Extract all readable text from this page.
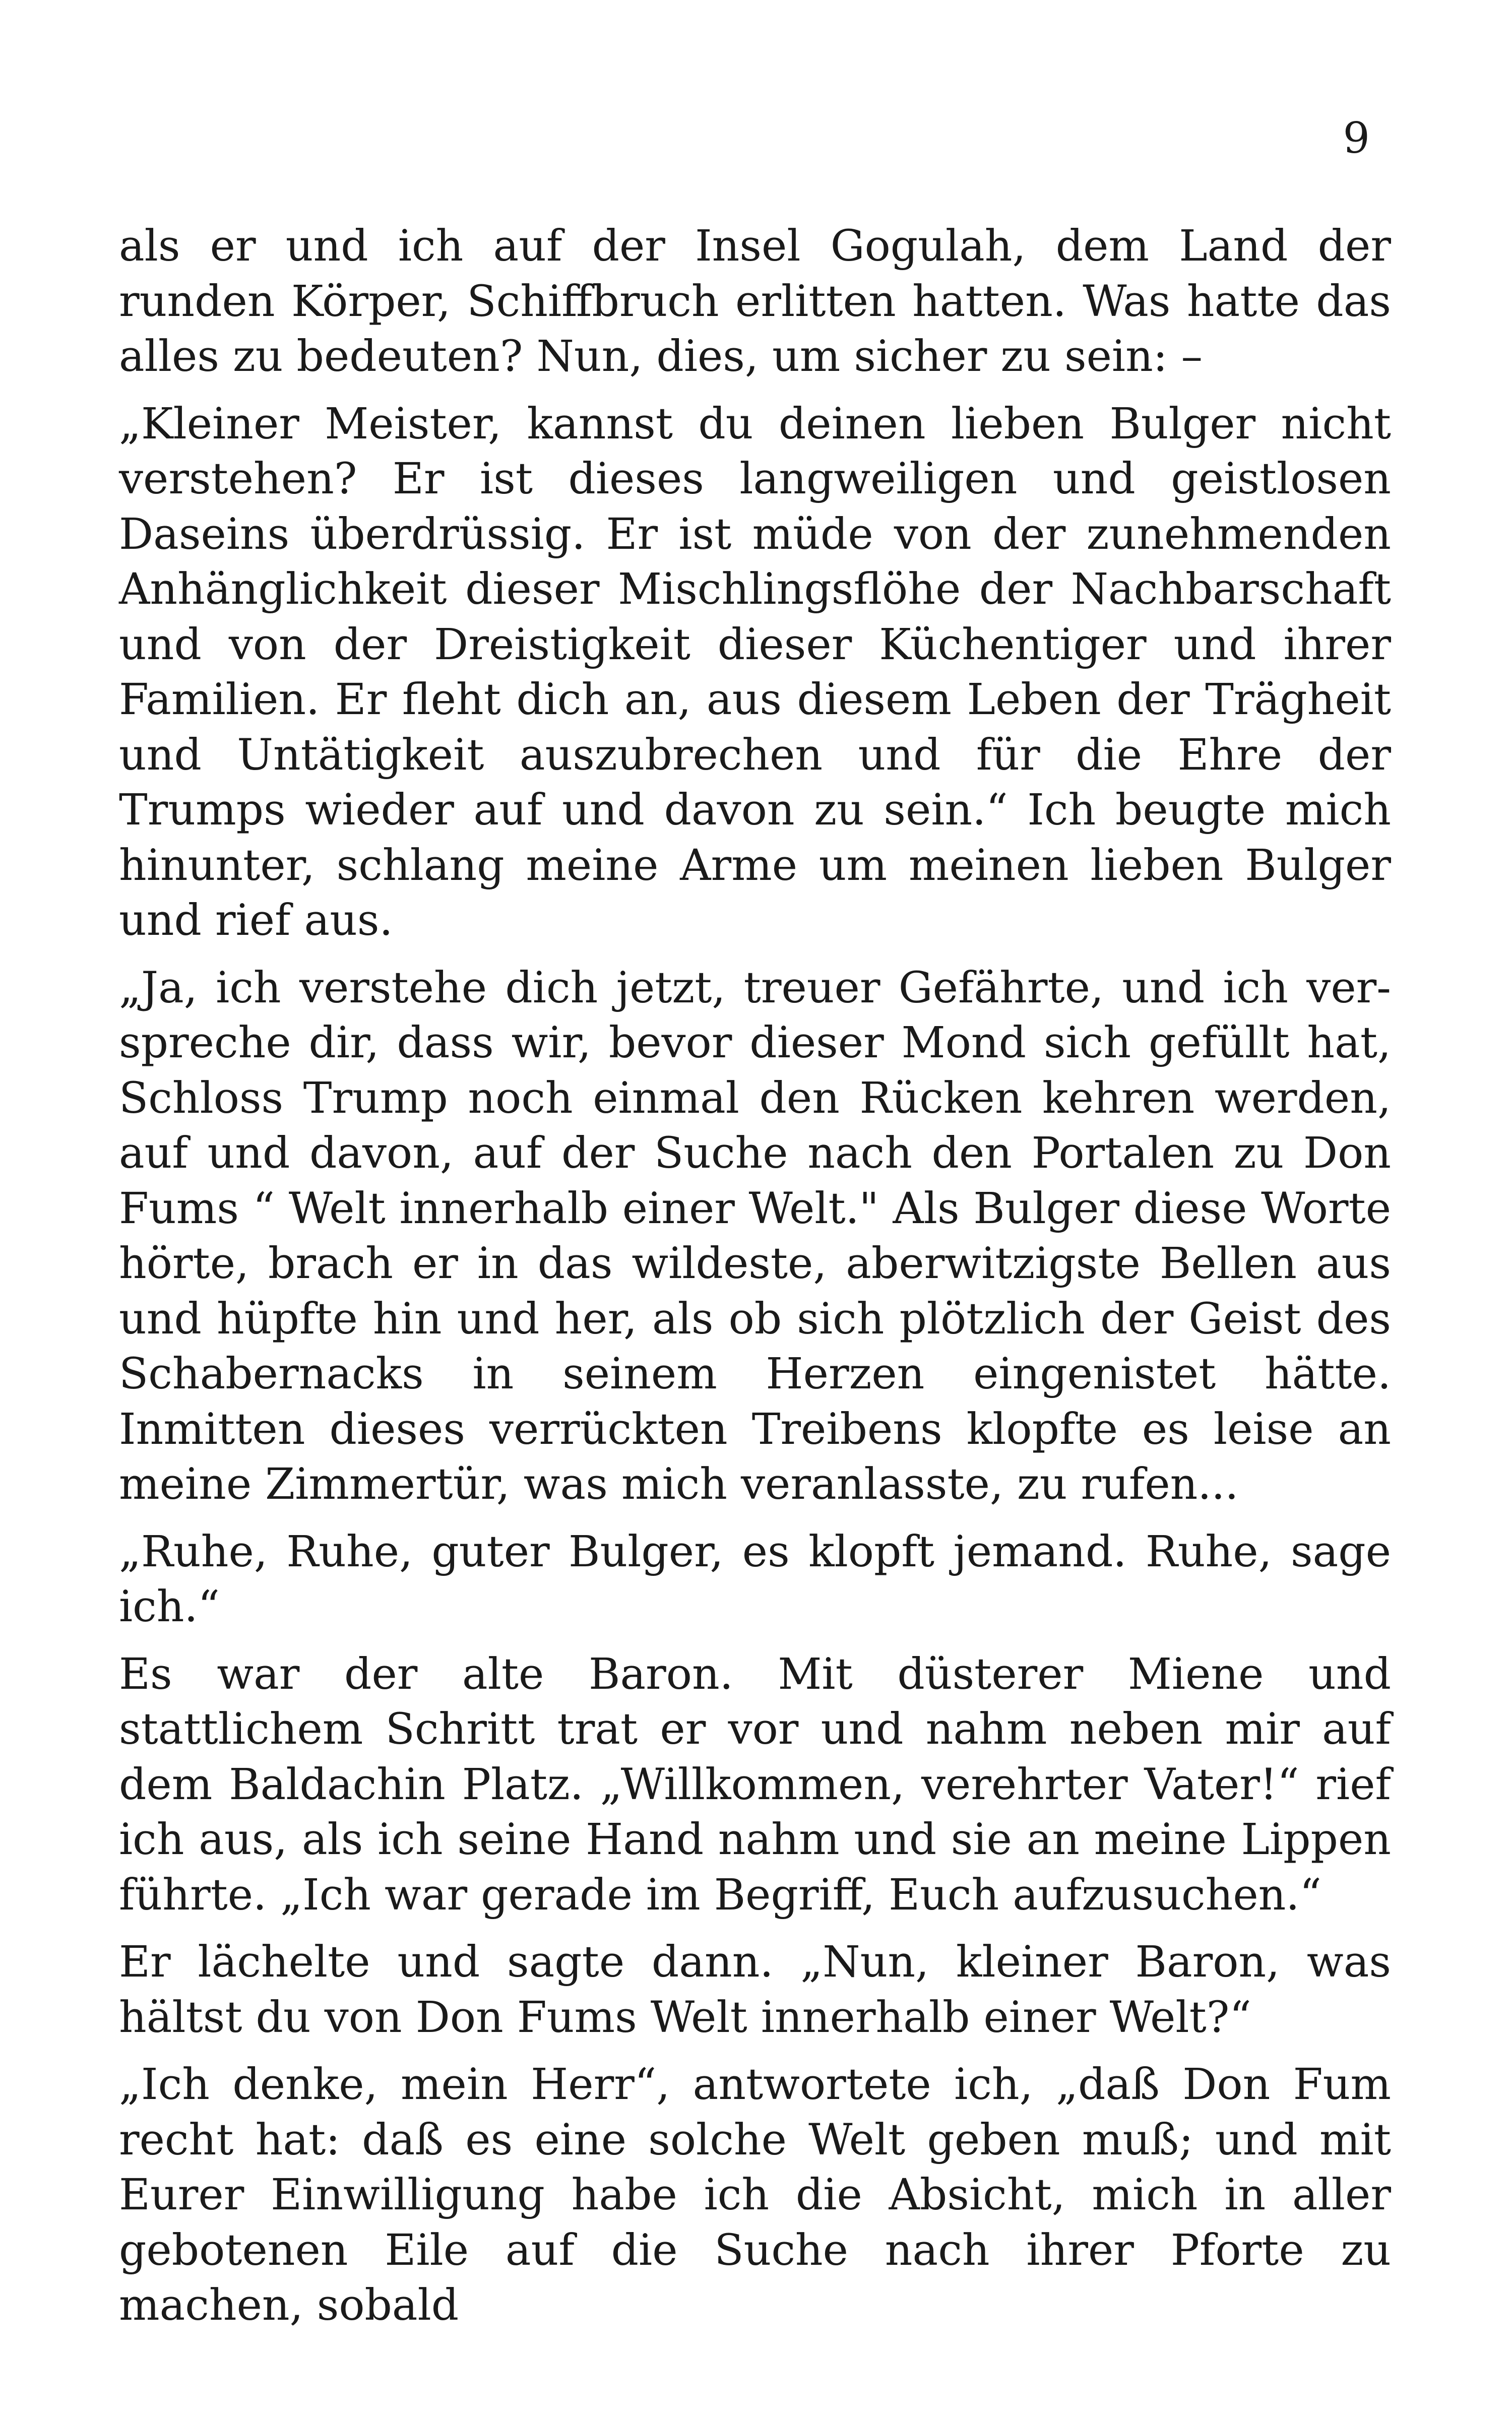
9

als er und ich auf der Insel Gogulah, dem Land der runden Körper, Schiffbruch erlitten hatten. Was hatte das alles zu bedeuten? Nun, dies, um sicher zu sein: –

„Kleiner Meister, kannst du deinen lieben Bulger nicht verstehen? Er ist dieses langweiligen und geistlosen Daseins überdrüssig. Er ist müde von der zunehmenden Anhänglichkeit dieser Mischlingsflöhe der Nachbarschaft und von der Dreistigkeit dieser Küchentiger und ihrer Familien. Er fleht dich an, aus diesem Leben der Trägheit und Untätigkeit auszubrechen und für die Ehre der Trumps wieder auf und davon zu sein.“ Ich beugte mich hinunter, schlang meine Arme um meinen lieben Bulger und rief aus.

„Ja, ich verstehe dich jetzt, treuer Gefährte, und ich verspreche dir, dass wir, bevor dieser Mond sich gefüllt hat, Schloss Trump noch einmal den Rücken kehren werden, auf und davon, auf der Suche nach den Portalen zu Don Fums “ Welt innerhalb einer Welt." Als Bulger diese Worte hörte, brach er in das wildeste, aberwitzigste Bellen aus und hüpfte hin und her, als ob sich plötzlich der Geist des Schabernacks in seinem Herzen eingenistet hätte. Inmitten dieses verrückten Treibens klopfte es leise an meine Zimmertür, was mich veranlasste, zu rufen...

„Ruhe, Ruhe, guter Bulger, es klopft jemand. Ruhe, sage ich.“

Es war der alte Baron. Mit düsterer Miene und stattlichem Schritt trat er vor und nahm neben mir auf dem Baldachin Platz. „Willkommen, verehrter Vater!“ rief ich aus, als ich seine Hand nahm und sie an meine Lippen führte. „Ich war gerade im Begriff, Euch aufzusuchen.“

Er lächelte und sagte dann. „Nun, kleiner Baron, was hältst du von Don Fums Welt innerhalb einer Welt?“

„Ich denke, mein Herr“, antwortete ich, „daß Don Fum recht hat: daß es eine solche Welt geben muß; und mit Eurer Einwilligung habe ich die Absicht, mich in aller gebotenen Eile auf die Suche nach ihrer Pforte zu machen, sobald
